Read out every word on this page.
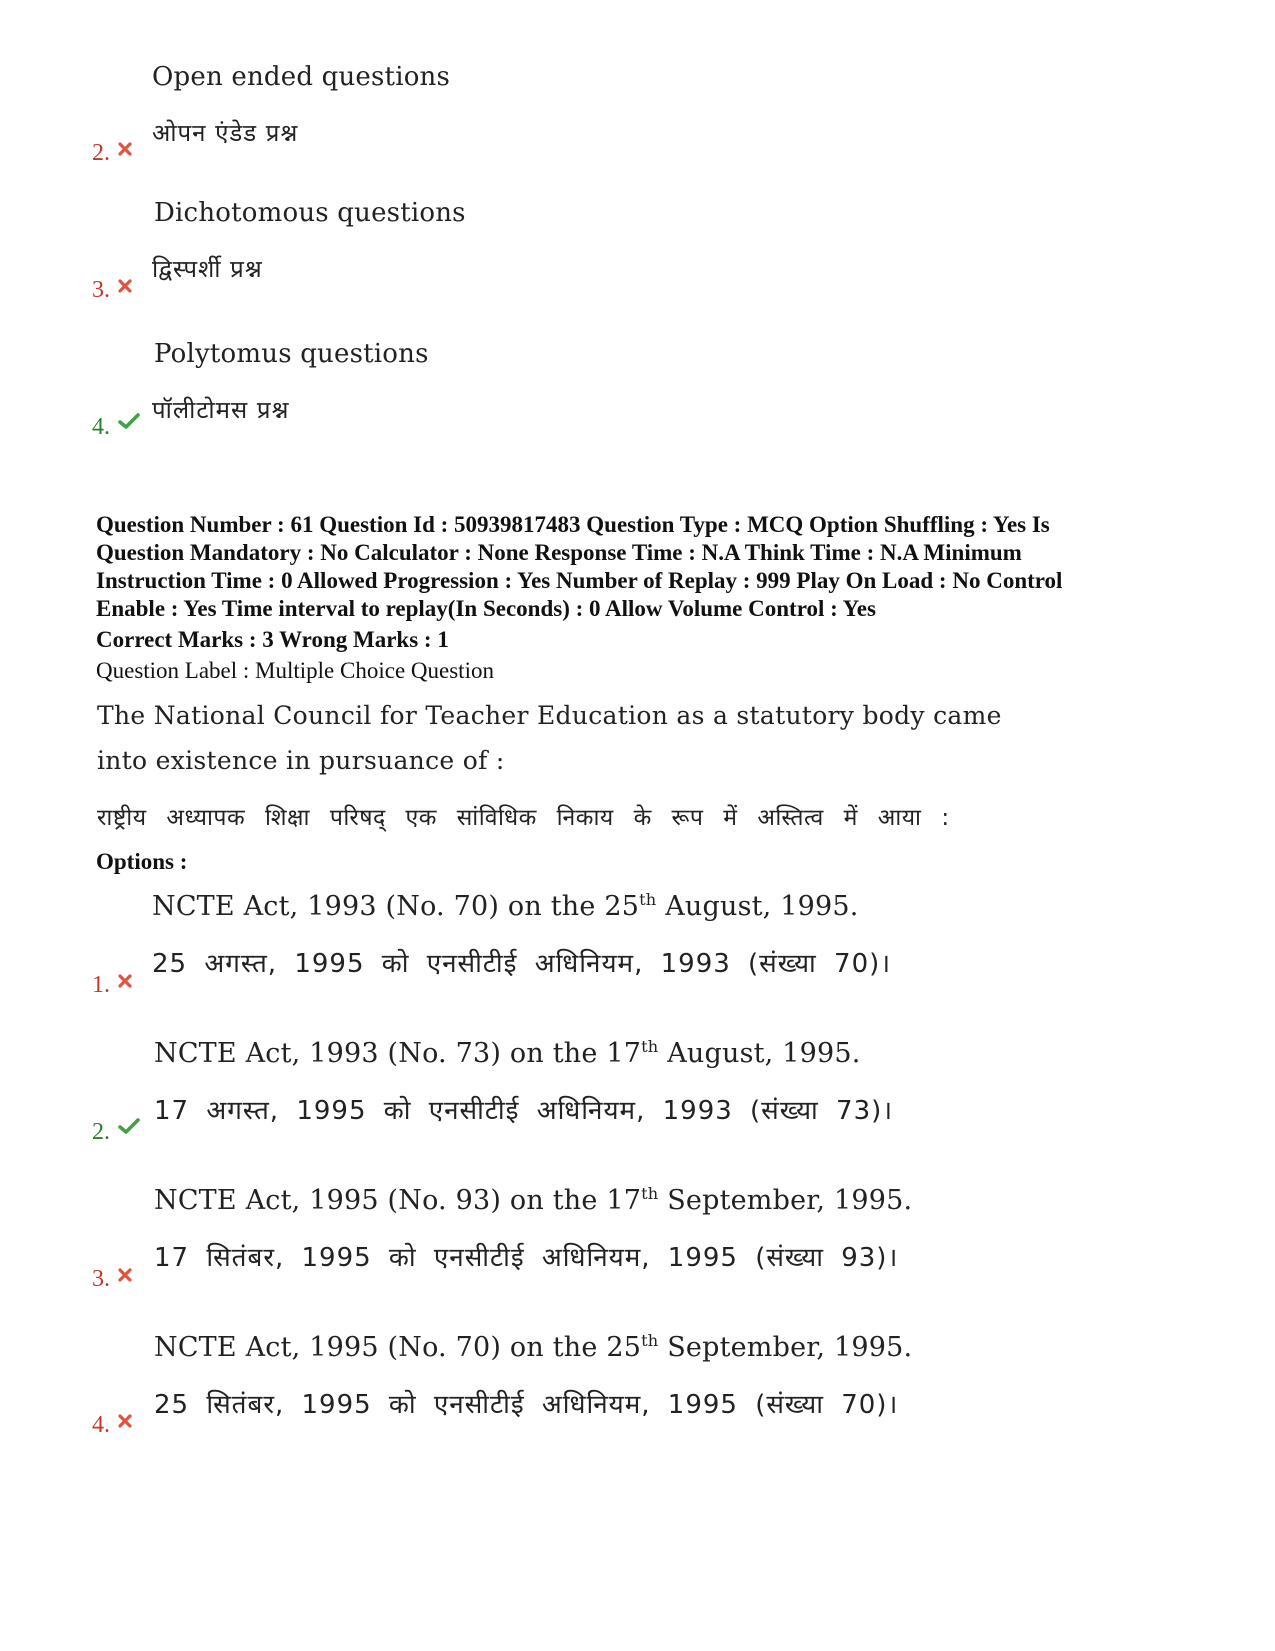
Open ended questions
ओपन एंडेड प्रश्न
2.
Dichotomous questions
द्विस्पर्शी प्रश्न
3.
Polytomus questions
पॉलीटोमस प्रश्न
4.
Question Number : 61 Question Id : 50939817483 Question Type : MCQ Option Shuffling : Yes Is
Question Mandatory : No Calculator : None Response Time : N.A Think Time : N.A Minimum
Instruction Time : 0 Allowed Progression : Yes Number of Replay : 999 Play On Load : No Control
Enable : Yes Time interval to replay(In Seconds) : 0 Allow Volume Control : Yes
Correct Marks : 3 Wrong Marks : 1
Question Label : Multiple Choice Question
The National Council for Teacher Education as a statutory body came
into existence in pursuance of :
राष्ट्रीय अध्यापक शिक्षा परिषद् एक सांविधिक निकाय के रूप में अस्तित्व में आया :
Options :
NCTE Act, 1993 (No. 70) on the 25th August, 1995.
25 अगस्त, 1995 को एनसीटीई अधिनियम, 1993 (संख्या 70)।
1.
NCTE Act, 1993 (No. 73) on the 17th August, 1995.
17 अगस्त, 1995 को एनसीटीई अधिनियम, 1993 (संख्या 73)।
2.
NCTE Act, 1995 (No. 93) on the 17th September, 1995.
17 सितंबर, 1995 को एनसीटीई अधिनियम, 1995 (संख्या 93)।
3.
NCTE Act, 1995 (No. 70) on the 25th September, 1995.
25 सितंबर, 1995 को एनसीटीई अधिनियम, 1995 (संख्या 70)।
4.
